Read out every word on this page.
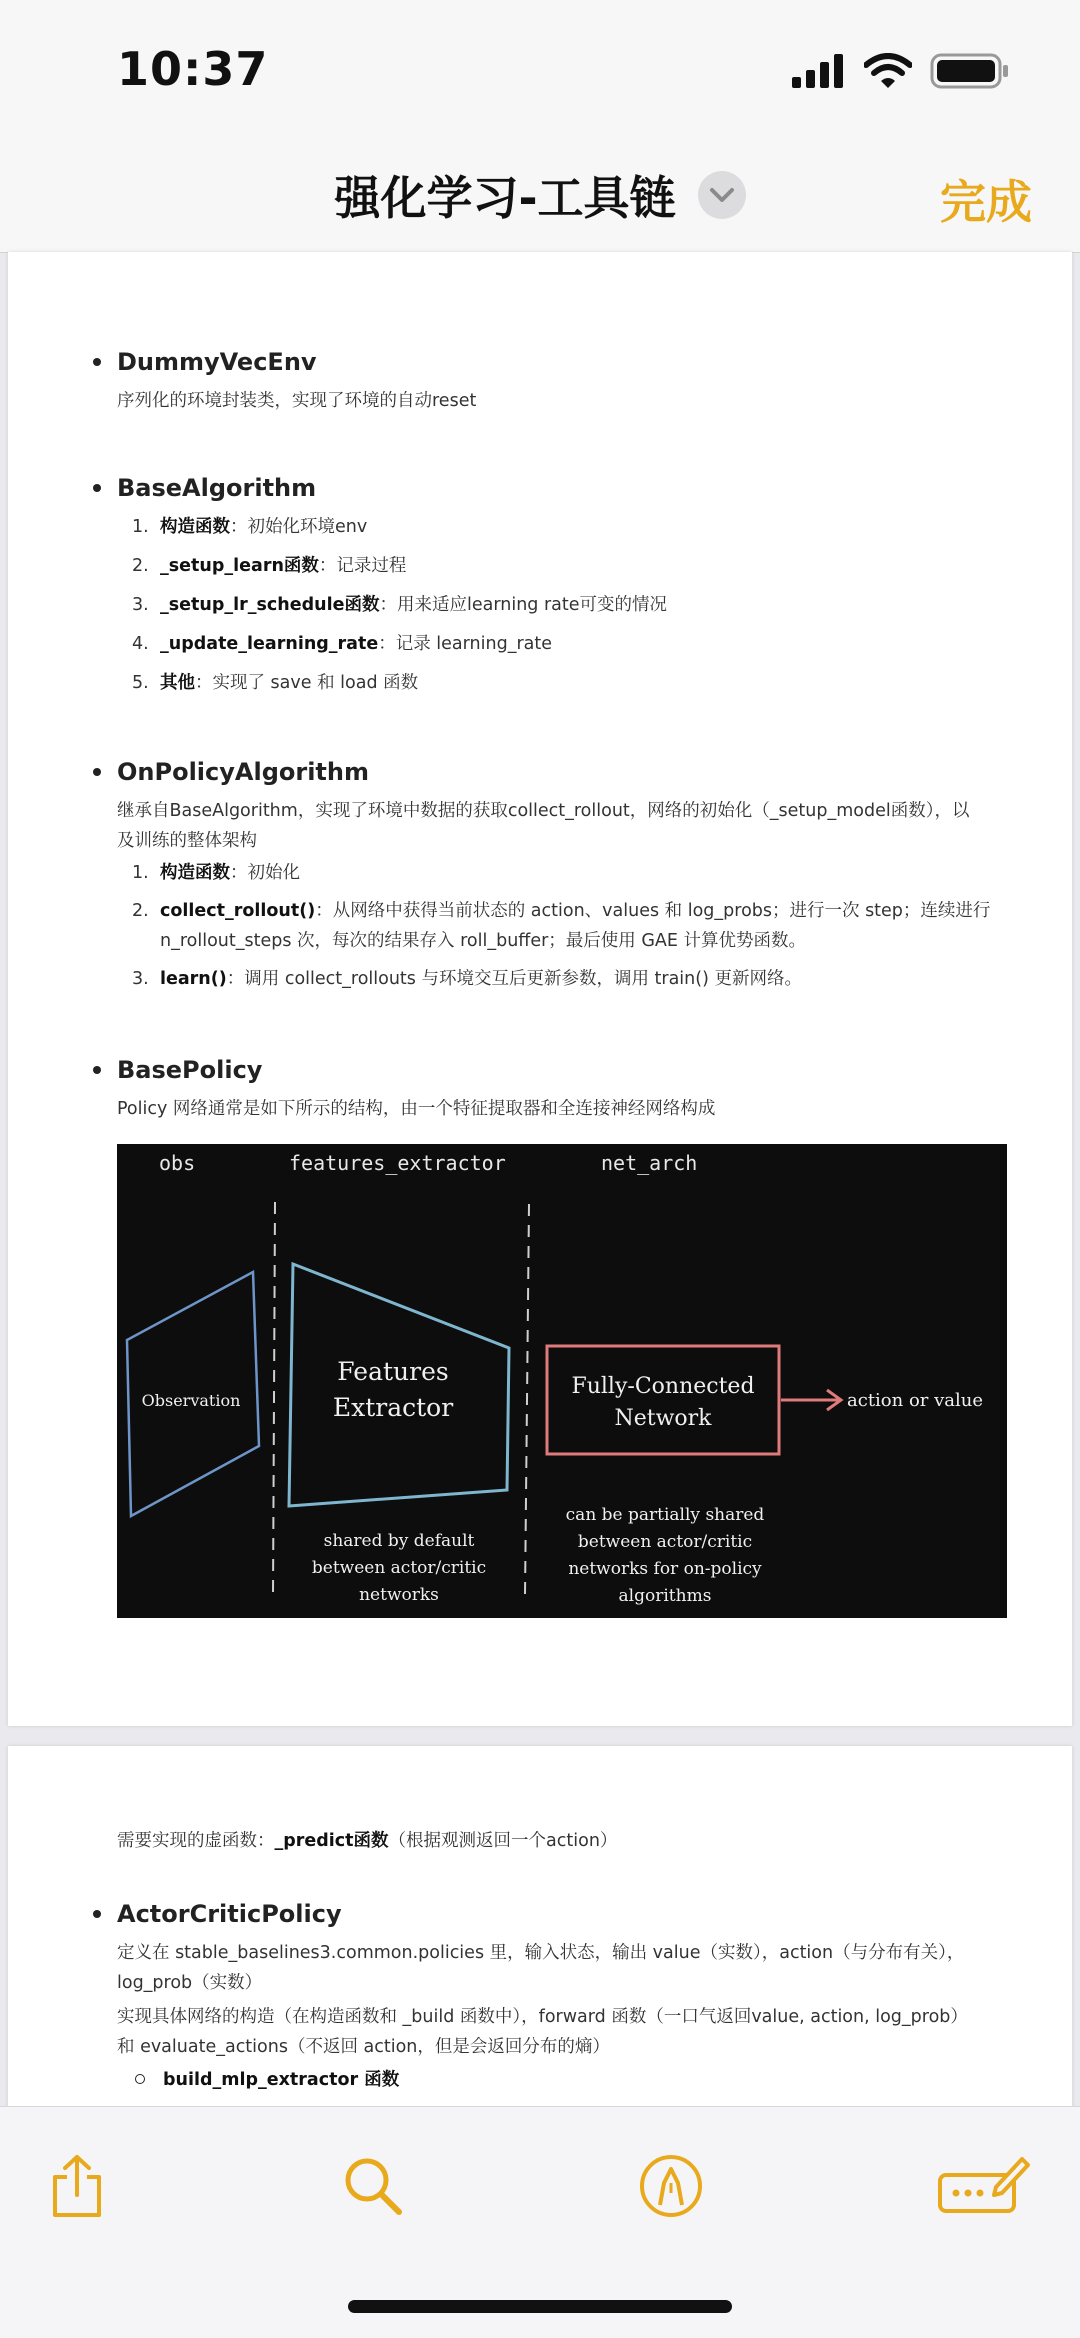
10:37
强化学习-工具链	完成
DummyVecEnv
序列化的环境封装类，实现了环境的自动reset
BaseAlgorithm
1. 构造函数：初始化环境env
2. _setup_learn函数：记录过程
3. _setup_lr_schedule函数：用来适应learning rate可变的情况
4. _update_learning_rate：记录 learning_rate
5. 其他：实现了 save 和 load 函数
OnPolicyAlgorithm
继承自BaseAlgorithm，实现了环境中数据的获取collect_rollout，网络的初始化（_setup_model函数），以
及训练的整体架构
1. 构造函数：初始化
2. collect_rollout()：从网络中获得当前状态的 action、values 和 log_probs；进行一次 step；连续进行
n_rollout_steps 次，每次的结果存入 roll_buffer；最后使用 GAE 计算优势函数。
3. learn()：调用 collect_rollouts 与环境交互后更新参数，调用 train() 更新网络。
BasePolicy
Policy 网络通常是如下所示的结构，由一个特征提取器和全连接神经网络构成
obs	features_extractor	net_arch
Observation
Features
Extractor
Fully-Connected
Network
action or value
shared by default
between actor/critic
networks
can be partially shared
between actor/critic
networks for on-policy
algorithms
需要实现的虚函数：_predict函数（根据观测返回一个action）
ActorCriticPolicy
定义在 stable_baselines3.common.policies 里，输入状态，输出 value（实数），action（与分布有关），
log_prob（实数）
实现具体网络的构造（在构造函数和 _build 函数中），forward 函数（一口气返回value, action, log_prob）
和 evaluate_actions（不返回 action，但是会返回分布的熵）
build_mlp_extractor 函数
